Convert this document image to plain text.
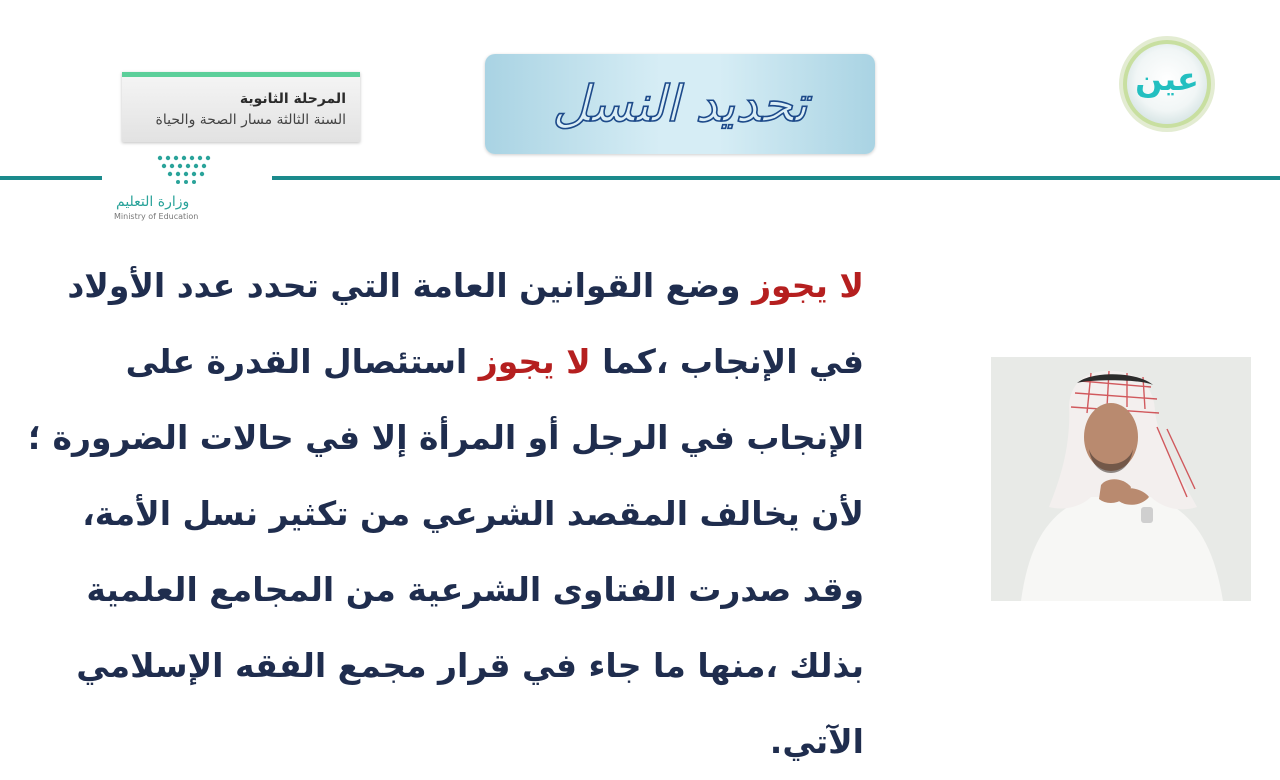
المرحلة الثانوية
السنة الثالثة مسار الصحة والحياة	تحديد النسل
وزارة التعليم
Ministry of Education
عين
لا يجوز وضع القوانين العامة التي تحدد عدد الأولاد في الإنجاب ،كما لا يجوز استئصال القدرة على الإنجاب في الرجل أو المرأة إلا في حالات الضرورة ؛ لأن يخالف المقصد الشرعي من تكثير نسل الأمة، وقد صدرت الفتاوى الشرعية من المجامع العلمية بذلك ،منها ما جاء في قرار مجمع الفقه الإسلامي الآتي.
